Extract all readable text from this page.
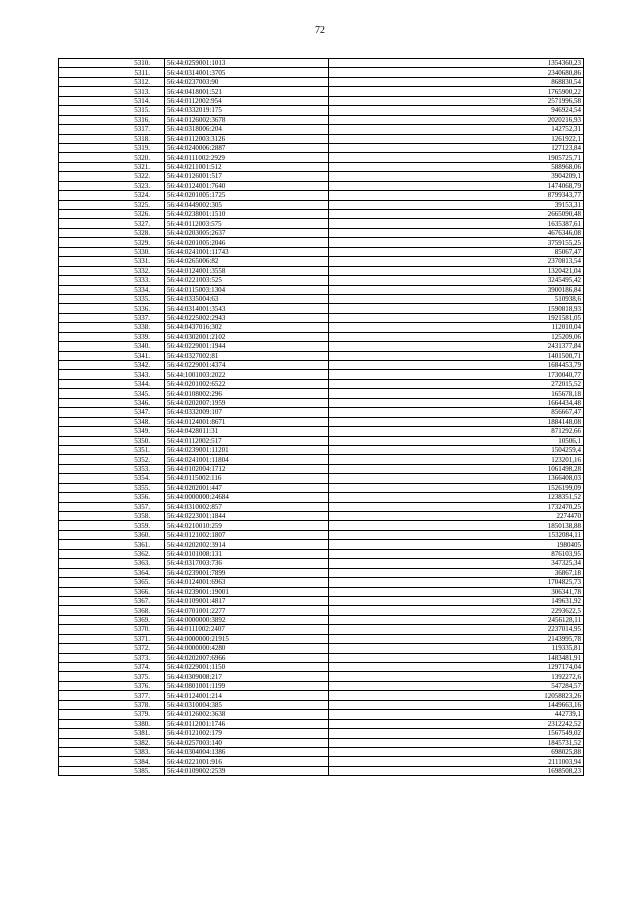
72
5310.	56:44:0259001:1013	1354360,23
5311.	56:44:0314001:3705	2340680,86
5312.	56:44:0237003:90	868830,54
5313.	56:44:0418001:521	1765900,22
5314.	56:44:0112002:954	2571996,58
5315.	56:44:0332019:175	946924,54
5316.	56:44:0126002:3678	2020216,93
5317.	56:44:0318006:204	142752,31
5318.	56:44:0112003:3126	1261922,1
5319.	56:44:0240006:2887	127123,84
5320.	56:44:0111002:2929	1905725,71
5321.	56:44:0211001:512	588968,06
5322.	56:44:0126001:517	3904209,1
5323.	56:44:0124001:7640	1474068,79
5324.	56:44:0201005:1725	8799343,77
5325.	56:44:0449002:305	39153,31
5326.	56:44:0238001:1510	2665090,48
5327.	56:44:0112003:575	1635387,61
5328.	56:44:0203005:2637	4676346,08
5329.	56:44:0201005:2046	3759155,25
5330.	56:44:0241001:11743	85067,47
5331.	56:44:0265006:82	2370813,54
5332.	56:44:0124001:3558	1320421,04
5333.	56:44:0221003:525	3245495,42
5334.	56:44:0115003:1304	3900186,84
5335.	56:44:0335004:63	510938,6
5336.	56:44:0314001:3543	1590818,93
5337.	56:44:0225002:2943	1921581,05
5338.	56:44:0437016:302	112010,04
5339.	56:44:0302001:2102	125209,06
5340.	56:44:0229001:1944	2431377,84
5341.	56:44:0327002:81	1401500,71
5342.	56:44:0229001:4374	1684453,79
5343.	56:44:1001003:2022	1730040,77
5344.	56:44:0201002:6522	272015,52
5345.	56:44:0108002:296	165678,18
5346.	56:44:0202007:1959	1664434,48
5347.	56:44:0332009:107	856667,47
5348.	56:44:0124001:8671	1884148,08
5349.	56:44:0428011:31	871292,66
5350.	56:44:0112002:517	10506,1
5351.	56:44:0239001:11201	1504259,4
5352.	56:44:0241001:11804	123201,16
5353.	56:44:0102004:1712	1061498,28
5354.	56:44:0115002:116	1366408,03
5355.	56:44:0202001:447	1526199,09
5356.	56:44:0000000:24684	1238351,52
5357.	56:44:0310002:857	1732470,25
5358.	56:44:0223001:1844	2274470
5359.	56:44:0210010:259	1850138,88
5360.	56:44:0121002:1807	1532084,11
5361.	56:44:0202002:3914	1980405
5362.	56:44:0101008:131	876103,95
5363.	56:44:0317003:736	347325,34
5364.	56:44:0239001:7899	36867,18
5365.	56:44:0124001:6963	1704825,73
5366.	56:44:0239001:19001	306341,78
5367.	56:44:0109001:4817	149631,92
5368.	56:44:0701001:2277	2293622,5
5369.	56:44:0000000:3892	2456128,11
5370.	56:44:0111002:2407	2237014,95
5371.	56:44:0000000:21915	2143995,78
5372.	56:44:0000000:4280	119335,81
5373.	56:44:0202007:6966	1483481,91
5374.	56:44:0229001:1150	1297174,04
5375.	56:44:0309008:217	1392272,6
5376.	56:44:0801001:1199	547284,57
5377.	56:44:0124001:214	12058823,26
5378.	56:44:0310004:385	1449663,16
5379.	56:44:0126002:3638	442739,1
5380.	56:44:0112001:1746	2312242,52
5381.	56:44:0121002:179	1567549,02
5382.	56:44:0257003:140	1845731,52
5383.	56:44:0304004:1386	698025,88
5384.	56:44:0221001:916	2111003,94
5385.	56:44:0109002:2539	1698508,23
